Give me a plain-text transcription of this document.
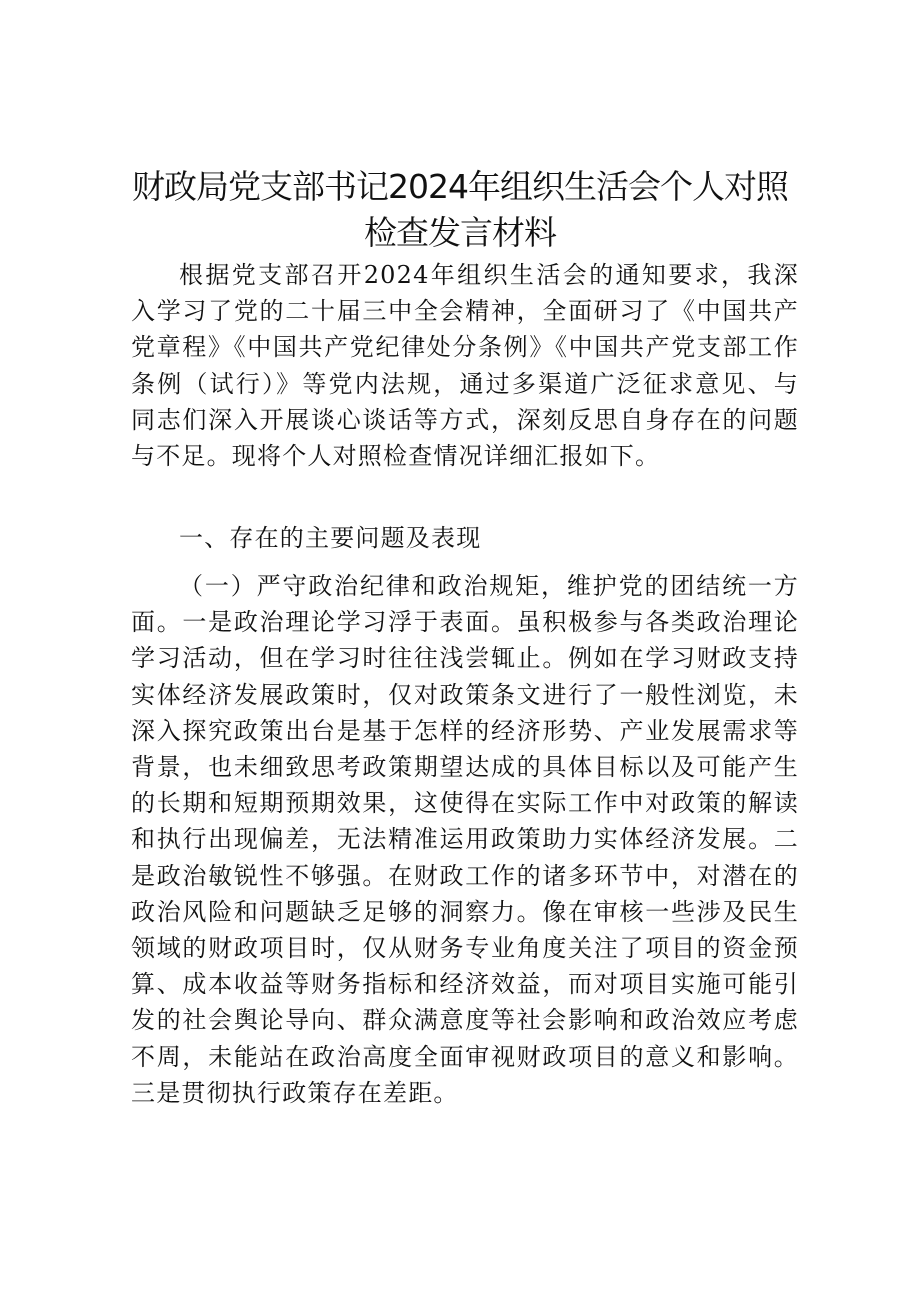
财政局党支部书记2024年组织生活会个人对照
检查发言材料

根据党支部召开2024年组织生活会的通知要求，我深入学习了党的二十届三中全会精神，全面研习了《中国共产党章程》《中国共产党纪律处分条例》《中国共产党支部工作条例（试行）》等党内法规，通过多渠道广泛征求意见、与同志们深入开展谈心谈话等方式，深刻反思自身存在的问题与不足。现将个人对照检查情况详细汇报如下。

一、存在的主要问题及表现

（一）严守政治纪律和政治规矩，维护党的团结统一方面。一是政治理论学习浮于表面。虽积极参与各类政治理论学习活动，但在学习时往往浅尝辄止。例如在学习财政支持实体经济发展政策时，仅对政策条文进行了一般性浏览，未深入探究政策出台是基于怎样的经济形势、产业发展需求等背景，也未细致思考政策期望达成的具体目标以及可能产生的长期和短期预期效果，这使得在实际工作中对政策的解读和执行出现偏差，无法精准运用政策助力实体经济发展。二是政治敏锐性不够强。在财政工作的诸多环节中，对潜在的政治风险和问题缺乏足够的洞察力。像在审核一些涉及民生领域的财政项目时，仅从财务专业角度关注了项目的资金预算、成本收益等财务指标和经济效益，而对项目实施可能引发的社会舆论导向、群众满意度等社会影响和政治效应考虑不周，未能站在政治高度全面审视财政项目的意义和影响。三是贯彻执行政策存在差距。
